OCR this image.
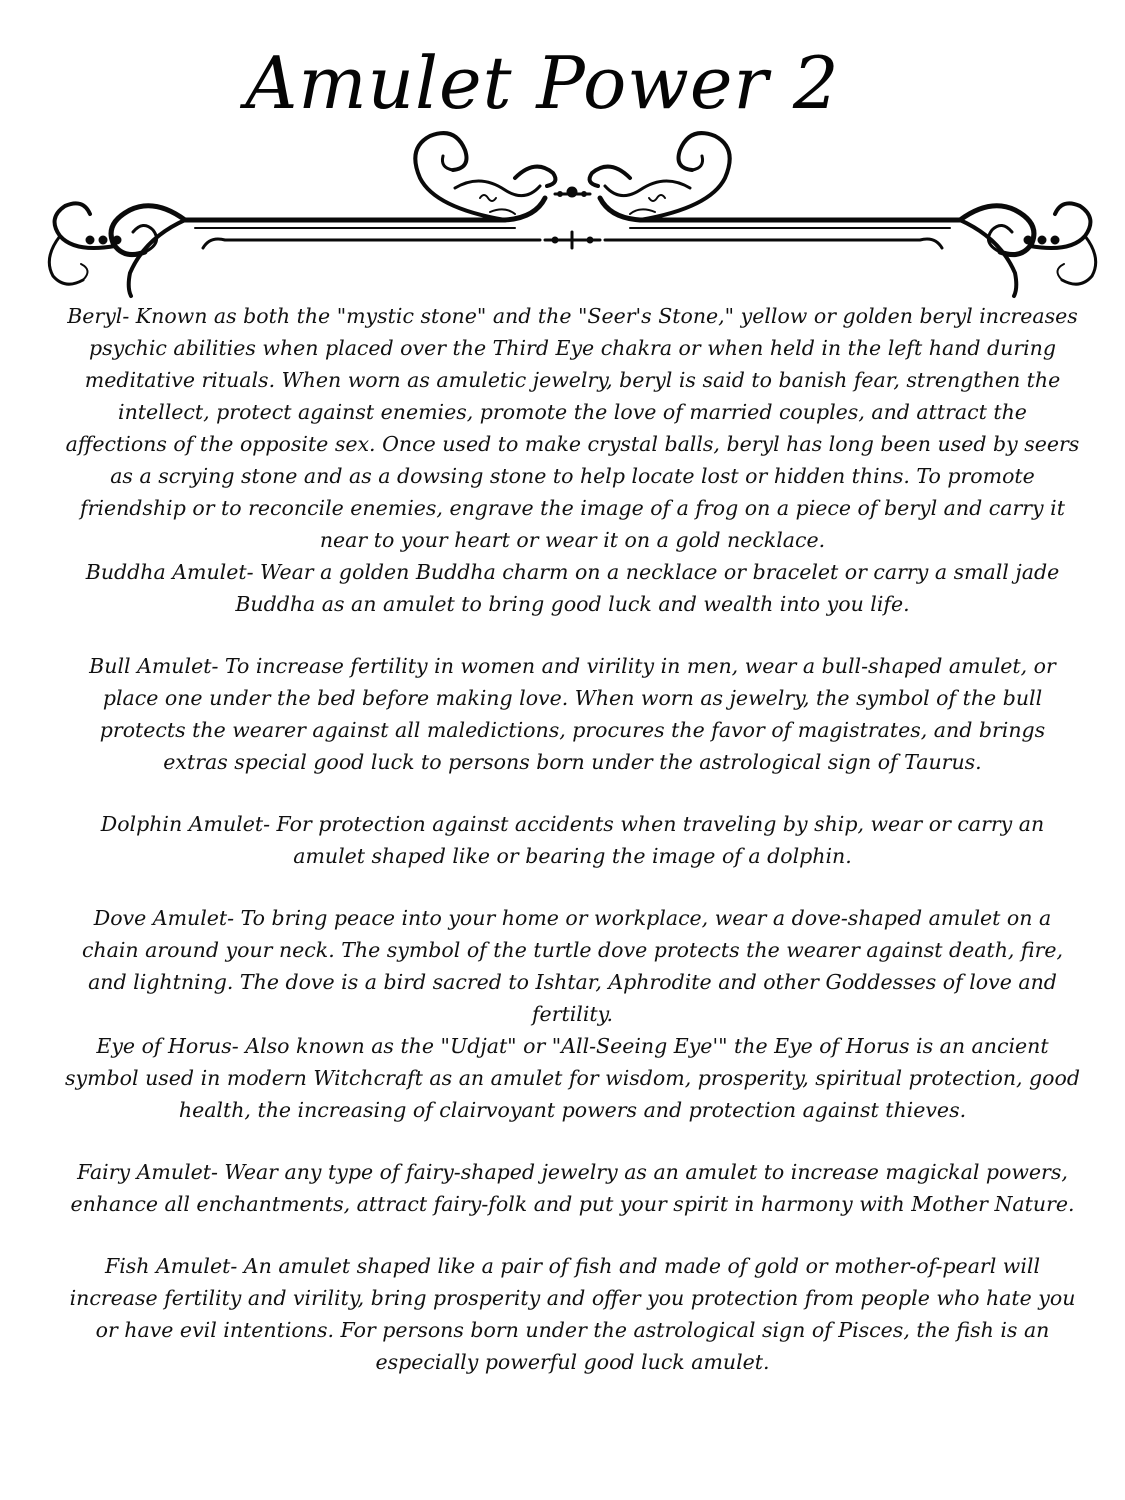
Amulet Power 2

Beryl- Known as both the "mystic stone" and the "Seer's Stone," yellow or golden beryl increases psychic abilities when placed over the Third Eye chakra or when held in the left hand during meditative rituals. When worn as amuletic jewelry, beryl is said to banish fear, strengthen the intellect, protect against enemies, promote the love of married couples, and attract the affections of the opposite sex. Once used to make crystal balls, beryl has long been used by seers as a scrying stone and as a dowsing stone to help locate lost or hidden thins. To promote friendship or to reconcile enemies, engrave the image of a frog on a piece of beryl and carry it near to your heart or wear it on a gold necklace.

Buddha Amulet- Wear a golden Buddha charm on a necklace or bracelet or carry a small jade Buddha as an amulet to bring good luck and wealth into you life.

Bull Amulet- To increase fertility in women and virility in men, wear a bull-shaped amulet, or place one under the bed before making love. When worn as jewelry, the symbol of the bull protects the wearer against all maledictions, procures the favor of magistrates, and brings extras special good luck to persons born under the astrological sign of Taurus.

Dolphin Amulet- For protection against accidents when traveling by ship, wear or carry an amulet shaped like or bearing the image of a dolphin.

Dove Amulet- To bring peace into your home or workplace, wear a dove-shaped amulet on a chain around your neck. The symbol of the turtle dove protects the wearer against death, fire, and lightning. The dove is a bird sacred to Ishtar, Aphrodite and other Goddesses of love and fertility.

Eye of Horus- Also known as the "Udjat" or "All-Seeing Eye'" the Eye of Horus is an ancient symbol used in modern Witchcraft as an amulet for wisdom, prosperity, spiritual protection, good health, the increasing of clairvoyant powers and protection against thieves.

Fairy Amulet- Wear any type of fairy-shaped jewelry as an amulet to increase magickal powers, enhance all enchantments, attract fairy-folk and put your spirit in harmony with Mother Nature.

Fish Amulet- An amulet shaped like a pair of fish and made of gold or mother-of-pearl will increase fertility and virility, bring prosperity and offer you protection from people who hate you or have evil intentions. For persons born under the astrological sign of Pisces, the fish is an especially powerful good luck amulet.
